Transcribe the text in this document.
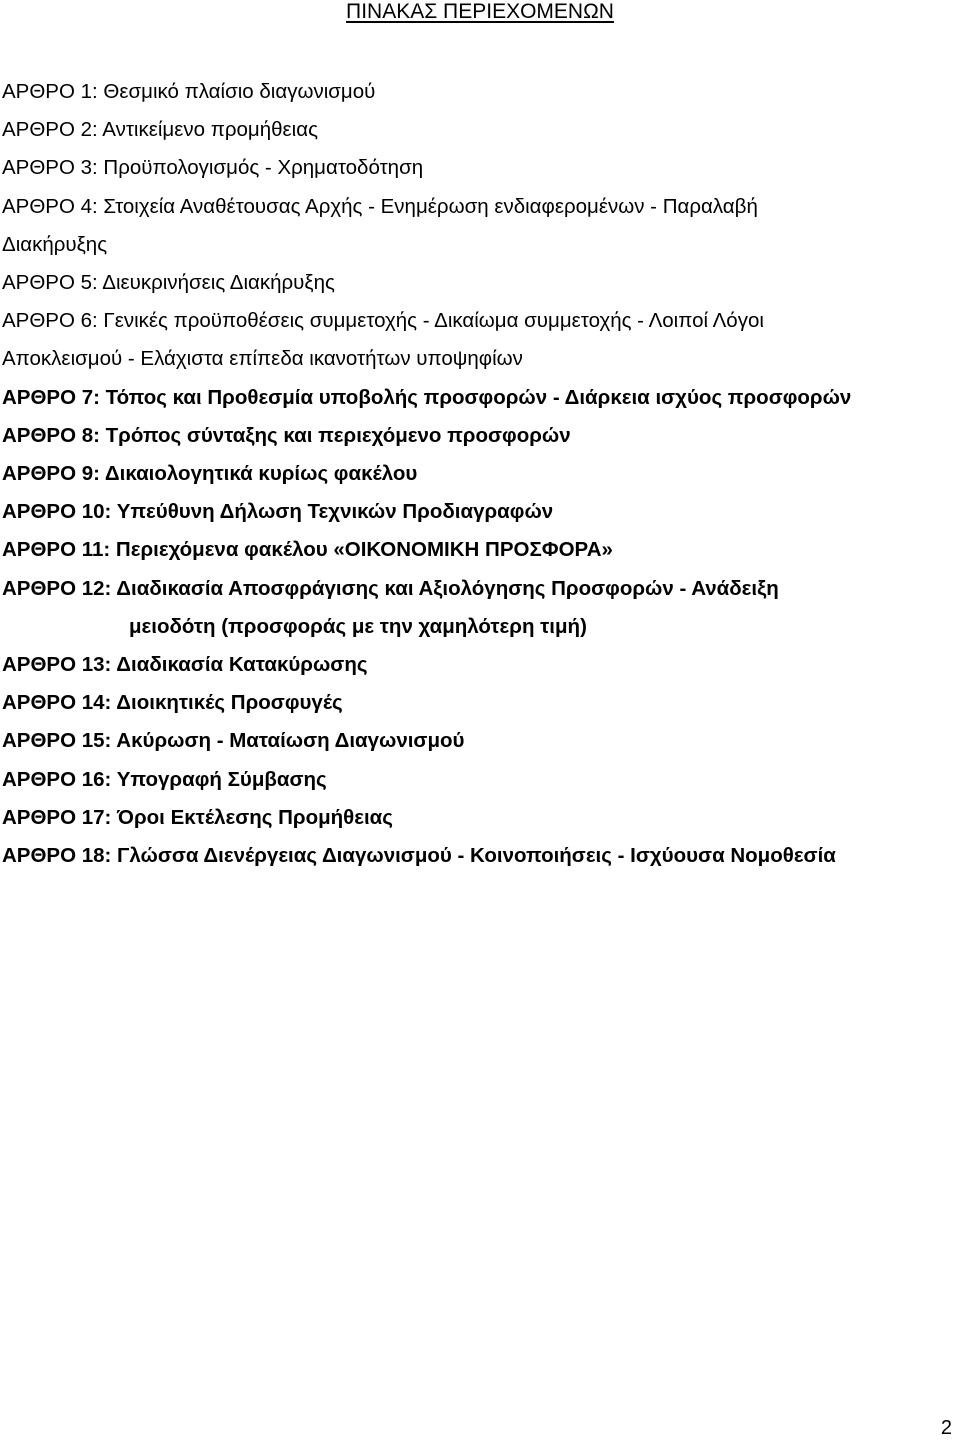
ΠΙΝΑΚΑΣ ΠΕΡΙΕΧΟΜΕΝΩΝ
ΑΡΘΡΟ 1: Θεσμικό πλαίσιο διαγωνισμού
ΑΡΘΡΟ 2: Αντικείμενο προμήθειας
ΑΡΘΡΟ 3: Προϋπολογισμός - Χρηματοδότηση
ΑΡΘΡΟ 4: Στοιχεία Αναθέτουσας Αρχής - Ενημέρωση ενδιαφερομένων - Παραλαβή
Διακήρυξης
ΑΡΘΡΟ 5: Διευκρινήσεις Διακήρυξης
ΑΡΘΡΟ 6: Γενικές προϋποθέσεις συμμετοχής - Δικαίωμα συμμετοχής - Λοιποί Λόγοι
Αποκλεισμού - Ελάχιστα επίπεδα ικανοτήτων υποψηφίων
ΑΡΘΡΟ 7: Τόπος και Προθεσμία υποβολής προσφορών - Διάρκεια ισχύος προσφορών
ΑΡΘΡΟ 8: Τρόπος σύνταξης και περιεχόμενο προσφορών
ΑΡΘΡΟ 9: Δικαιολογητικά κυρίως φακέλου
ΑΡΘΡΟ 10: Υπεύθυνη Δήλωση Τεχνικών Προδιαγραφών
ΑΡΘΡΟ 11: Περιεχόμενα φακέλου «ΟΙΚΟΝΟΜΙΚΗ ΠΡΟΣΦΟΡΑ»
ΑΡΘΡΟ 12: Διαδικασία Αποσφράγισης και Αξιολόγησης Προσφορών - Ανάδειξη
μειοδότη (προσφοράς με την χαμηλότερη τιμή)
ΑΡΘΡΟ 13: Διαδικασία Κατακύρωσης
ΑΡΘΡΟ 14: Διοικητικές Προσφυγές
ΑΡΘΡΟ 15: Ακύρωση - Ματαίωση Διαγωνισμού
ΑΡΘΡΟ 16: Υπογραφή Σύμβασης
ΑΡΘΡΟ 17: Όροι Εκτέλεσης Προμήθειας
ΑΡΘΡΟ 18: Γλώσσα Διενέργειας Διαγωνισμού - Κοινοποιήσεις - Ισχύουσα Νομοθεσία
2
